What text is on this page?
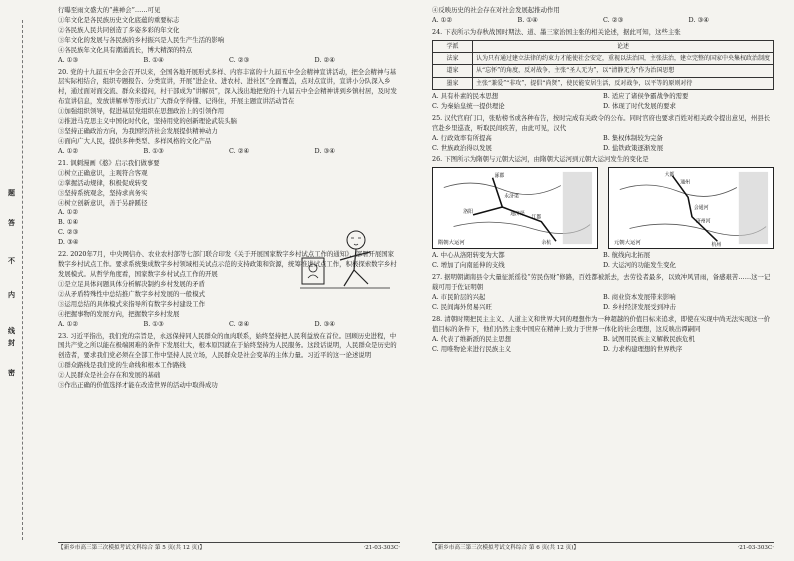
题
答
不
内
线
封
密
行曝至雨文盛大的“燕禅会”……可见
①年文化是各民族历史文化底蕴的重要标志
②各民族人民共同创造了多姿多彩的年文化
③年文化的发展与各民族的乡村振兴是人民生产生活的影响
④各民族年文化具有潮涌流长，博大精深的特点
A. ①③	B. ①④	C. ②③	D. ②④
20. 党的十九届五中全会召开以来，全国各地开展形式多样、内容丰富的十九届五中全会精神宣讲活动，把全会精神与基层实际相结合，组织专题报告、分类宣讲，开展“进企业、进农村、进社区”全面覆盖，点对点宣讲，宣讲小分队深入乡村，通过面对面交流、群众来提问，村干部成为“讲解员”，深入浅出地把党的十九届五中全会精神讲到乡镇村居，及时发布宣讲信息，发放讲解单等形式让广大群众学得懂、记得住，开展主题宣讲活动旨在
①加强组织领导，促进基层党组织在思想政治上的引领作用
②推进马克思主义中国化时代化，坚持用党的创新理论武装头脑
③坚持正确政治方向，为我国经济社会发展提供精神动力
④面向广大人民，提供多种类型、多样风格的文化产品
A. ①②	B. ①③	C. ②④	D. ③④
21. 讽刺漫画《憨》启示我们做事要
①树立正确意识，主观符合客观
②掌握活动规律，积极促成转变
③坚持系统观念，坚持求真务实
④树立创新意识，善于另辟蹊径
A. ①②
B. ①④
C. ②③
D. ③④
22. 2020年7月，中央网信办、农业农村部等七部门联合印发《关于开展国家数字乡村试点工作的通知》，部署开展国家数字乡村试点工作。要求系统集成数字乡村领域相关试点示范的支持政策和资源，统筹推进试点工作，积极探索数字乡村发展模式。从哲学角度看，国家数字乡村试点工作的开展
①是立足具体问题具体分析解决制约乡村发展的矛盾
②从矛盾特殊性中总结推广数字乡村发展的一般模式
③运用总结的具体模式来指导所有数字乡村建设工作
④把握事物的发展方向，把握数字乡村发展
A. ①②	B. ①③	C. ②④	D. ③④
23. 习近平指出，我们党的宗旨是，永远保持同人民群众的血肉联系，始终坚持把人民利益放在首位。回顾历史进程，中国共产党之所以能在极端困难的条件下发展壮大，根本原因就在于始终坚持为人民服务。这段话说明，人民群众是历史的创造者，要求我们党必须在全部工作中坚持人民立场，人民群众是社会变革的主体力量。习近平的这一论述说明
①群众路线是我们党的生命线和根本工作路线
②人民群众是社会存在和发展的基础
③作出正确的价值选择才能在改造世界的活动中取得成功
【新乡市高三第三次模拟考试文科综合 第 5 页(共 12 页)】	·21-03-303C·
④反映历史的社会存在对社会发展起推动作用
A. ①②	B. ①④	C. ②③	D. ③④
24. 下表所示为春秋战国时期法、道、墨三家治国主张的相关论述，据此可知，这些主张
学派	论述
法家	认为只有通过建立法律的约束力才能使社会安定，重视以法治国，主张法治，建立完整的国家中央集权政治制度
道家	从“忘怀”的角度，反对战争，主张“圣人无为”，以“清静无为”作为治国思想
墨家	主张“兼爱”“非攻”，提倡“尚贤”，使民能安居生活，反对战争，以平等的原则对待
A. 具有朴素的民本思想	B. 适应了诸侯争霸战争的需要
C. 为秦始皇统一提供理论	D. 体现了时代发展的要求
25. 汉代官府门口，张贴榜书或各种布告，按时完成有关政令的公布。同时官府也要求百姓对相关政令提出意见，州县长官赴乡里巡查，听取民间疾苦，由此可见，汉代
A. 行政效率有所提高	B. 集权体制较为完备
C. 世族政治得以发展	D. 盐铁政策逐渐发展
26. 下图所示为隋朝与元朝大运河，由隋朝大运河到元朝大运河发生的变化是
涿郡
洛阳
江都
余杭
永济渠
通济渠
隋朝大运河
大都
通州
杭州
会通河
济州河
元朝大运河
A. 中心从洛阳转变为大都	B. 航线向北拓展
C. 增加了向南延伸的支线	D. 大运河的功能发生变化
27. 据明朝湖南县令大量征派徭役“劳民伤财”修路，百姓都被派去，去劳役者最多，以致冲风冒雨，备感艰苦……这一记载可用于佐证明朝
A. 市民阶层的兴起	B. 商业资本发展带来影响
C. 民间海外贸易兴旺	D. 乡村经济发展受到冲击
28. 清朝时期把民主主义、人道主义和世界大同的理想作为一种超越的价值目标来追求，即使在实现中尚无法实现这一价值目标的条件下，他们仍然主张中国应在精神上致力于世界一体化的社会理想，这反映出谭嗣同
A. 代表了维新派的民主思想	B. 试图用民族主义解救民族危机
C. 用唯物论来进行民族主义	D. 力求构建理想的世界秩序
【新乡市高三第三次模拟考试文科综合 第 6 页(共 12 页)】	·21-03-303C·
